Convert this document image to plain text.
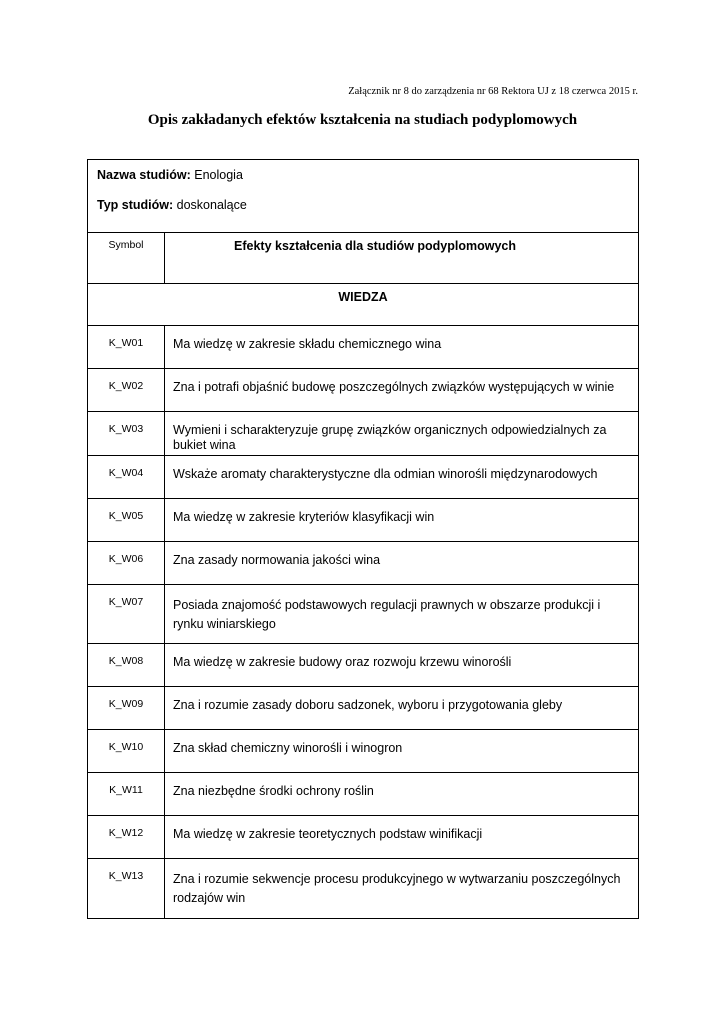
Załącznik nr 8 do zarządzenia nr 68 Rektora UJ z 18 czerwca 2015 r.
Opis zakładanych efektów kształcenia na studiach podyplomowych

Nazwa studiów: Enologia

Typ studiów: doskonalące	

Symbol	Efekty kształcenia dla studiów podyplomowych

WIEDZA	

K_W01	Ma wiedzę w zakresie składu chemicznego wina

K_W02	Zna i potrafi objaśnić budowę poszczególnych związków występujących w winie

K_W03	Wymieni i scharakteryzuje grupę związków organicznych odpowiedzialnych za bukiet wina

K_W04	Wskaże aromaty charakterystyczne dla odmian winorośli międzynarodowych

K_W05	Ma wiedzę w zakresie kryteriów klasyfikacji win

K_W06	Zna zasady normowania jakości wina

K_W07	Posiada znajomość podstawowych regulacji prawnych w obszarze produkcji i rynku winiarskiego

K_W08	Ma wiedzę w zakresie budowy oraz rozwoju krzewu winorośli

K_W09	Zna i rozumie zasady doboru sadzonek, wyboru i przygotowania gleby

K_W10	Zna skład chemiczny winorośli i winogron

K_W11	Zna niezbędne środki ochrony roślin

K_W12	Ma wiedzę w zakresie teoretycznych podstaw winifikacji

K_W13	Zna i rozumie sekwencje procesu produkcyjnego w wytwarzaniu poszczególnych rodzajów win
